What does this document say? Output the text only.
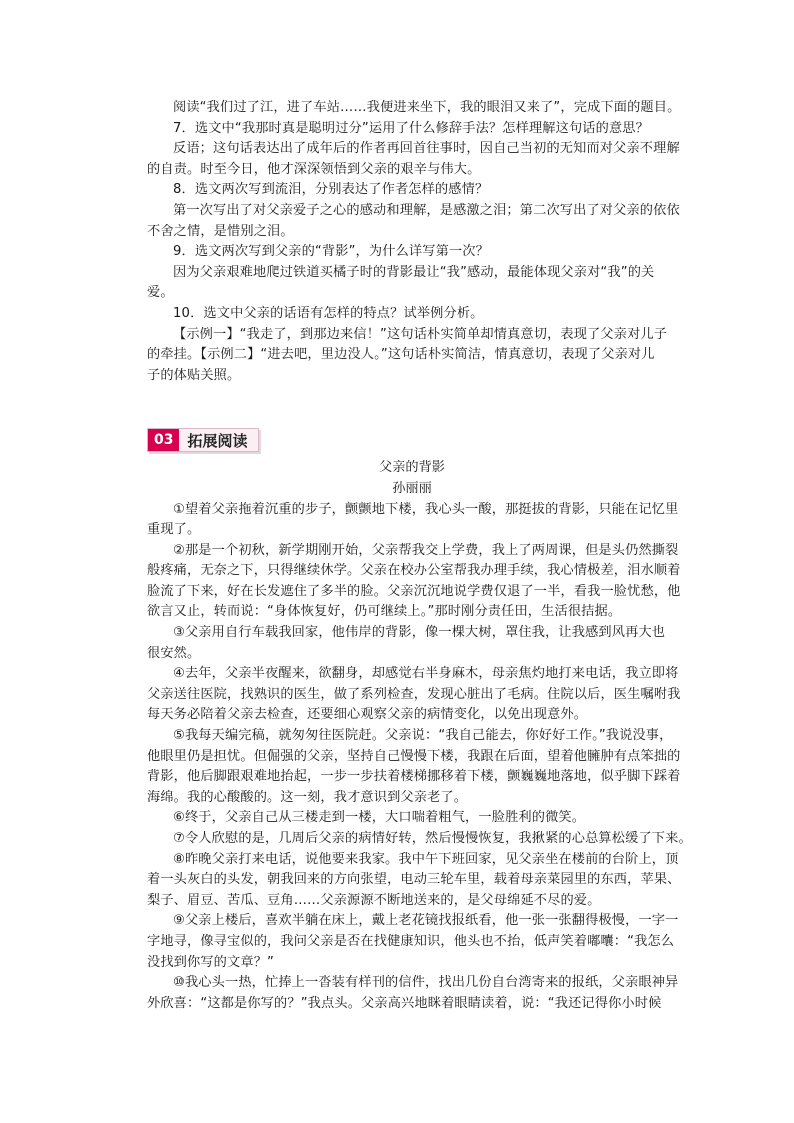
阅读“我们过了江，进了车站……我便进来坐下，我的眼泪又来了”，完成下面的题目。

7．选文中“我那时真是聪明过分”运用了什么修辞手法？怎样理解这句话的意思？

反语；这句话表达出了成年后的作者再回首往事时，因自己当初的无知而对父亲不理解

的自责。时至今日，他才深深领悟到父亲的艰辛与伟大。

8．选文两次写到流泪，分别表达了作者怎样的感情？

第一次写出了对父亲爱子之心的感动和理解，是感激之泪；第二次写出了对父亲的依依

不舍之情，是惜别之泪。

9．选文两次写到父亲的“背影”，为什么详写第一次？

因为父亲艰难地爬过铁道买橘子时的背影最让“我”感动，最能体现父亲对“我”的关

爱。

10．选文中父亲的话语有怎样的特点？试举例分析。

【示例一】“我走了，到那边来信！”这句话朴实简单却情真意切，表现了父亲对儿子

的牵挂。【示例二】“进去吧，里边没人。”这句话朴实简洁，情真意切，表现了父亲对儿

子的体贴关照。

03 拓展阅读

父亲的背影

孙丽丽

①望着父亲拖着沉重的步子，颤颤地下楼，我心头一酸，那挺拔的背影，只能在记忆里

重现了。

②那是一个初秋，新学期刚开始，父亲帮我交上学费，我上了两周课，但是头仍然撕裂

般疼痛，无奈之下，只得继续休学。父亲在校办公室帮我办理手续，我心情极差，泪水顺着

脸流了下来，好在长发遮住了多半的脸。父亲沉沉地说学费仅退了一半，看我一脸忧愁，他

欲言又止，转而说：“身体恢复好，仍可继续上。”那时刚分责任田，生活很拮据。

③父亲用自行车载我回家，他伟岸的背影，像一棵大树，罩住我，让我感到风再大也

很安然。

④去年，父亲半夜醒来，欲翻身，却感觉右半身麻木，母亲焦灼地打来电话，我立即将

父亲送往医院，找熟识的医生，做了系列检查，发现心脏出了毛病。住院以后，医生嘱咐我

每天务必陪着父亲去检查，还要细心观察父亲的病情变化，以免出现意外。

⑤我每天编完稿，就匆匆往医院赶。父亲说：“我自己能去，你好好工作。”我说没事，

他眼里仍是担忧。但倔强的父亲，坚持自己慢慢下楼，我跟在后面，望着他臃肿有点笨拙的

背影，他后脚跟艰难地抬起，一步一步扶着楼梯挪移着下楼，颤巍巍地落地，似乎脚下踩着

海绵。我的心酸酸的。这一刻，我才意识到父亲老了。

⑥终于，父亲自己从三楼走到一楼，大口喘着粗气，一脸胜利的微笑。

⑦令人欣慰的是，几周后父亲的病情好转，然后慢慢恢复，我揪紧的心总算松缓了下来。

⑧昨晚父亲打来电话，说他要来我家。我中午下班回家，见父亲坐在楼前的台阶上，顶

着一头灰白的头发，朝我回来的方向张望，电动三轮车里，载着母亲菜园里的东西，苹果、

梨子、眉豆、苦瓜、豆角……父亲源源不断地送来的，是父母绵延不尽的爱。

⑨父亲上楼后，喜欢半躺在床上，戴上老花镜找报纸看，他一张一张翻得极慢，一字一

字地寻，像寻宝似的，我问父亲是否在找健康知识，他头也不抬，低声笑着嘟囔：“我怎么

没找到你写的文章？”

⑩我心头一热，忙捧上一沓装有样刊的信件，找出几份自台湾寄来的报纸，父亲眼神异

外欣喜：“这都是你写的？”我点头。父亲高兴地眯着眼睛读着，说：“我还记得你小时候
